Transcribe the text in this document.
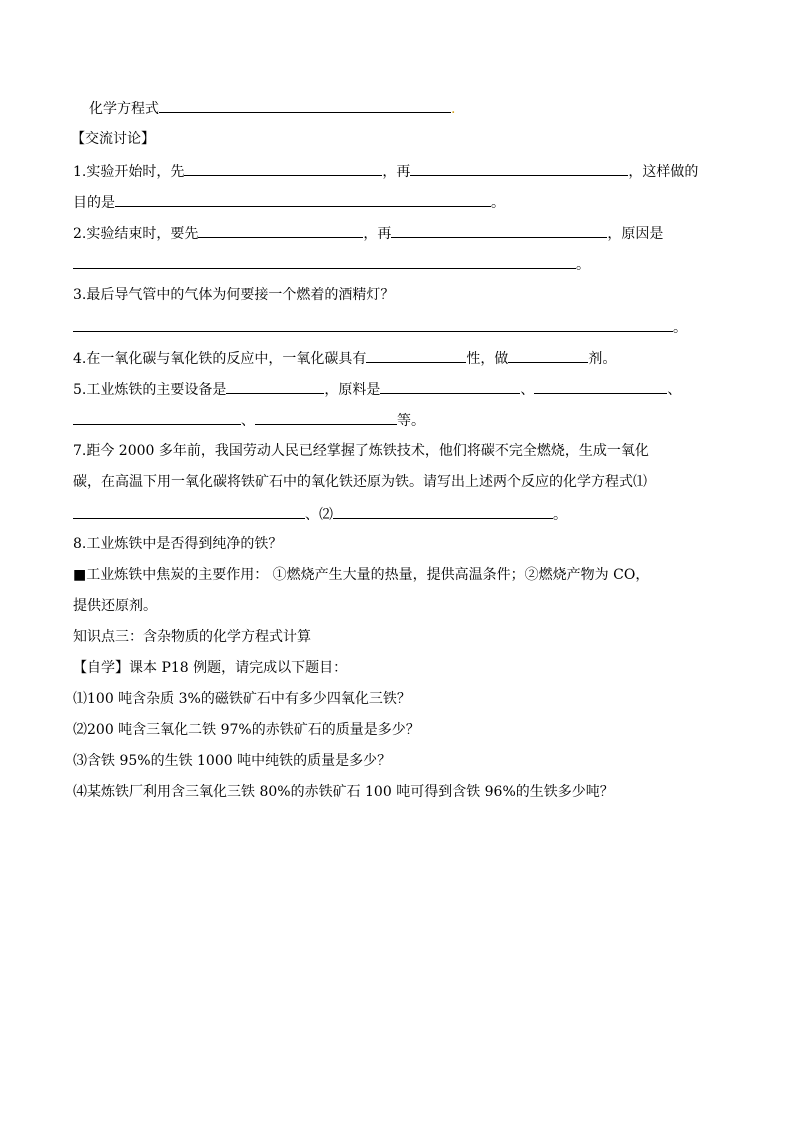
化学方程式	.
【交流讨论】
1.实验开始时，先	，再	，这样做的
目的是	。
2.实验结束时，要先	，再	，原因是
。
3.最后导气管中的气体为何要接一个燃着的酒精灯？
。
4.在一氧化碳与氧化铁的反应中，一氧化碳具有	性，做	剂。
5.工业炼铁的主要设备是	，原料是	、	、
、	等。
7.距今 2000 多年前，我国劳动人民已经掌握了炼铁技术，他们将碳不完全燃烧，生成一氧化
碳，在高温下用一氧化碳将铁矿石中的氧化铁还原为铁。请写出上述两个反应的化学方程式⑴
、⑵	。
8.工业炼铁中是否得到纯净的铁？
■工业炼铁中焦炭的主要作用： ①燃烧产生大量的热量，提供高温条件；②燃烧产物为 CO，
提供还原剂。
知识点三：含杂物质的化学方程式计算
【自学】课本 P18 例题，请完成以下题目：
⑴100 吨含杂质 3%的磁铁矿石中有多少四氧化三铁？
⑵200 吨含三氧化二铁 97%的赤铁矿石的质量是多少？
⑶含铁 95%的生铁 1000 吨中纯铁的质量是多少？
⑷某炼铁厂利用含三氧化三铁 80%的赤铁矿石 100 吨可得到含铁 96%的生铁多少吨？
